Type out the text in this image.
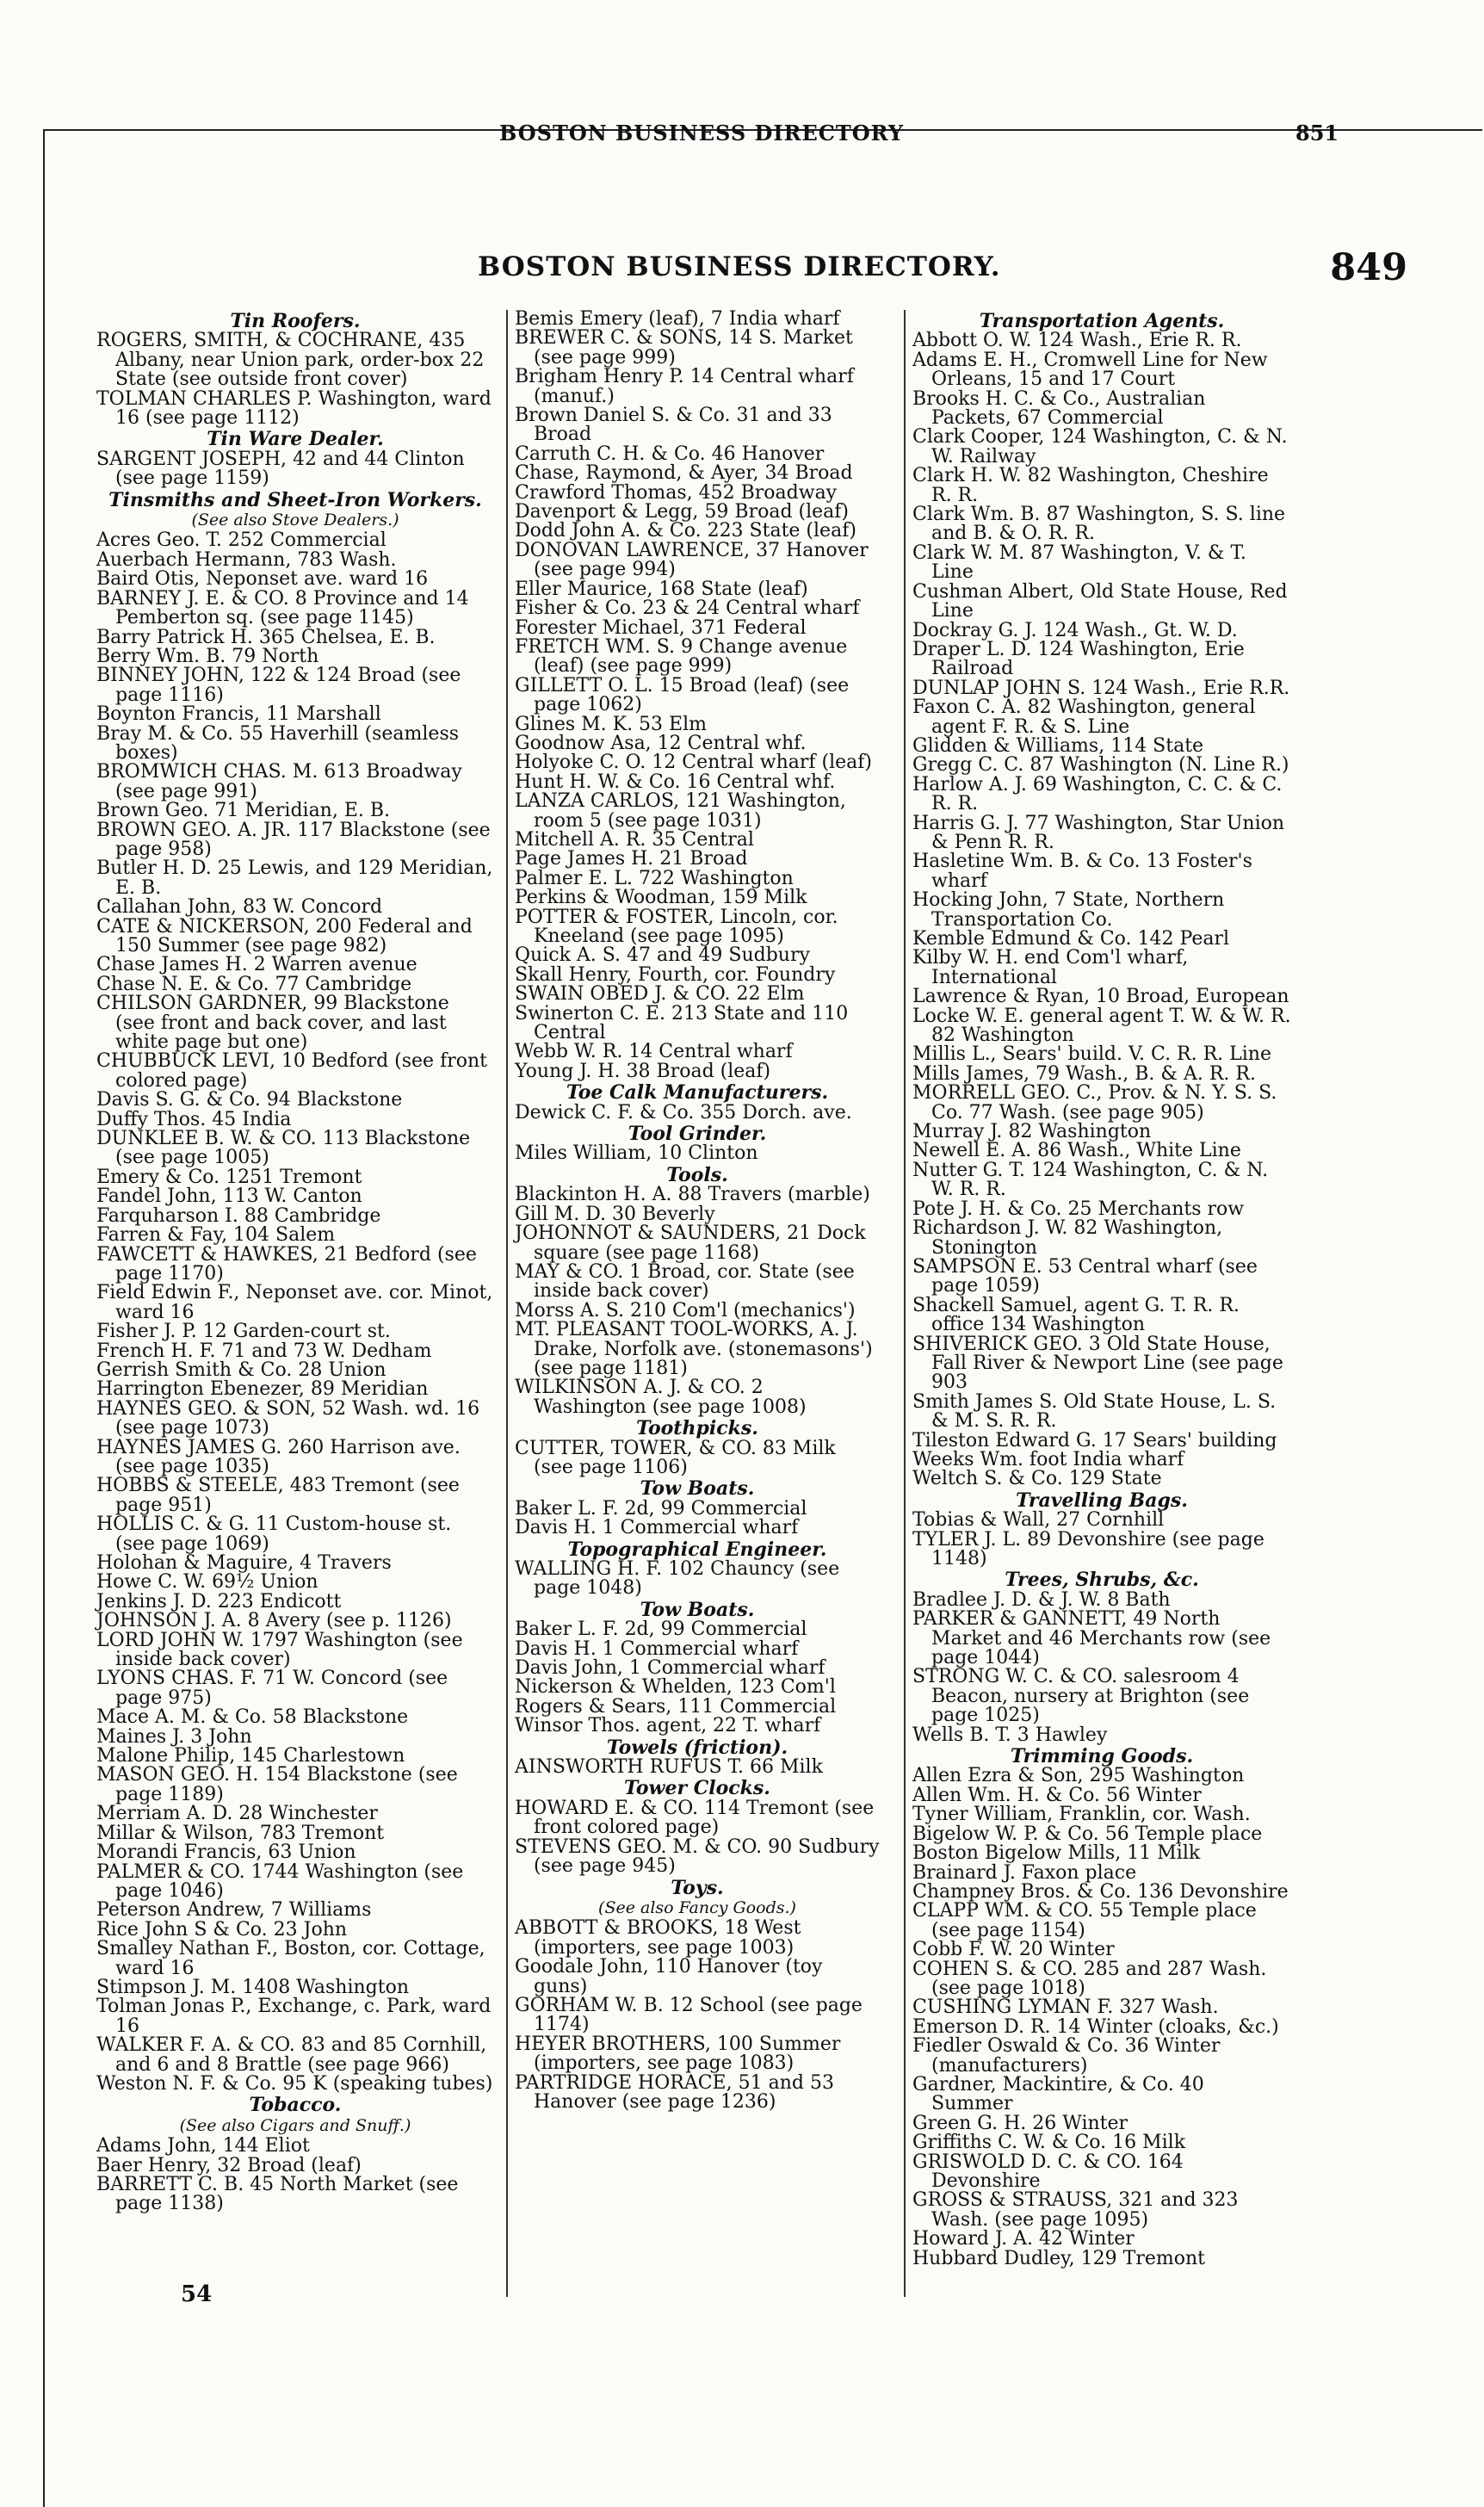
BOSTON BUSINESS DIRECTORY	851
BOSTON BUSINESS DIRECTORY.	849
Tin Roofers.
ROGERS, SMITH, & COCHRANE, 435 Albany, near Union park, order-box 22 State (see outside front cover)
TOLMAN CHARLES P. Washington, ward 16 (see page 1112)
Tin Ware Dealer.
SARGENT JOSEPH, 42 and 44 Clinton (see page 1159)
Tinsmiths and Sheet-Iron Workers.
(See also Stove Dealers.)
Acres Geo. T. 252 Commercial
Auerbach Hermann, 783 Wash.
Baird Otis, Neponset ave. ward 16
BARNEY J. E. & CO. 8 Province and 14 Pemberton sq. (see page 1145)
Barry Patrick H. 365 Chelsea, E. B.
Berry Wm. B. 79 North
BINNEY JOHN, 122 & 124 Broad (see page 1116)
Boynton Francis, 11 Marshall
Bray M. & Co. 55 Haverhill (seamless boxes)
BROMWICH CHAS. M. 613 Broadway (see page 991)
Brown Geo. 71 Meridian, E. B.
BROWN GEO. A. JR. 117 Blackstone (see page 958)
Butler H. D. 25 Lewis, and 129 Meridian, E. B.
Callahan John, 83 W. Concord
CATE & NICKERSON, 200 Federal and 150 Summer (see page 982)
Chase James H. 2 Warren avenue
Chase N. E. & Co. 77 Cambridge
CHILSON GARDNER, 99 Blackstone (see front and back cover, and last white page but one)
CHUBBUCK LEVI, 10 Bedford (see front colored page)
Davis S. G. & Co. 94 Blackstone
Duffy Thos. 45 India
DUNKLEE B. W. & CO. 113 Blackstone (see page 1005)
Emery & Co. 1251 Tremont
Fandel John, 113 W. Canton
Farquharson I. 88 Cambridge
Farren & Fay, 104 Salem
FAWCETT & HAWKES, 21 Bedford (see page 1170)
Field Edwin F., Neponset ave. cor. Minot, ward 16
Fisher J. P. 12 Garden-court st.
French H. F. 71 and 73 W. Dedham
Gerrish Smith & Co. 28 Union
Harrington Ebenezer, 89 Meridian
HAYNES GEO. & SON, 52 Wash. wd. 16 (see page 1073)
HAYNES JAMES G. 260 Harrison ave. (see page 1035)
HOBBS & STEELE, 483 Tremont (see page 951)
HOLLIS C. & G. 11 Custom-house st. (see page 1069)
Holohan & Maguire, 4 Travers
Howe C. W. 69½ Union
Jenkins J. D. 223 Endicott
JOHNSON J. A. 8 Avery (see p. 1126)
LORD JOHN W. 1797 Washington (see inside back cover)
LYONS CHAS. F. 71 W. Concord (see page 975)
Mace A. M. & Co. 58 Blackstone
Maines J. 3 John
Malone Philip, 145 Charlestown
MASON GEO. H. 154 Blackstone (see page 1189)
Merriam A. D. 28 Winchester
Millar & Wilson, 783 Tremont
Morandi Francis, 63 Union
PALMER & CO. 1744 Washington (see page 1046)
Peterson Andrew, 7 Williams
Rice John S & Co. 23 John
Smalley Nathan F., Boston, cor. Cottage, ward 16
Stimpson J. M. 1408 Washington
Tolman Jonas P., Exchange, c. Park, ward 16
WALKER F. A. & CO. 83 and 85 Cornhill, and 6 and 8 Brattle (see page 966)
Weston N. F. & Co. 95 K (speaking tubes)
Tobacco.
(See also Cigars and Snuff.)
Adams John, 144 Eliot
Baer Henry, 32 Broad (leaf)
BARRETT C. B. 45 North Market (see page 1138)
Bemis Emery (leaf), 7 India wharf
BREWER C. & SONS, 14 S. Market (see page 999)
Brigham Henry P. 14 Central wharf (manuf.)
Brown Daniel S. & Co. 31 and 33 Broad
Carruth C. H. & Co. 46 Hanover
Chase, Raymond, & Ayer, 34 Broad
Crawford Thomas, 452 Broadway
Davenport & Legg, 59 Broad (leaf)
Dodd John A. & Co. 223 State (leaf)
DONOVAN LAWRENCE, 37 Hanover (see page 994)
Eller Maurice, 168 State (leaf)
Fisher & Co. 23 & 24 Central wharf
Forester Michael, 371 Federal
FRETCH WM. S. 9 Change avenue (leaf) (see page 999)
GILLETT O. L. 15 Broad (leaf) (see page 1062)
Glines M. K. 53 Elm
Goodnow Asa, 12 Central whf.
Holyoke C. O. 12 Central wharf (leaf)
Hunt H. W. & Co. 16 Central whf.
LANZA CARLOS, 121 Washington, room 5 (see page 1031)
Mitchell A. R. 35 Central
Page James H. 21 Broad
Palmer E. L. 722 Washington
Perkins & Woodman, 159 Milk
POTTER & FOSTER, Lincoln, cor. Kneeland (see page 1095)
Quick A. S. 47 and 49 Sudbury
Skall Henry, Fourth, cor. Foundry
SWAIN OBED J. & CO. 22 Elm
Swinerton C. E. 213 State and 110 Central
Webb W. R. 14 Central wharf
Young J. H. 38 Broad (leaf)
Toe Calk Manufacturers.
Dewick C. F. & Co. 355 Dorch. ave.
Tool Grinder.
Miles William, 10 Clinton
Tools.
Blackinton H. A. 88 Travers (marble)
Gill M. D. 30 Beverly
JOHONNOT & SAUNDERS, 21 Dock square (see page 1168)
MAY & CO. 1 Broad, cor. State (see inside back cover)
Morss A. S. 210 Com'l (mechanics')
MT. PLEASANT TOOL-WORKS, A. J. Drake, Norfolk ave. (stonemasons') (see page 1181)
WILKINSON A. J. & CO. 2 Washington (see page 1008)
Toothpicks.
CUTTER, TOWER, & CO. 83 Milk (see page 1106)
Tow Boats.
Baker L. F. 2d, 99 Commercial
Davis H. 1 Commercial wharf
Topographical Engineer.
WALLING H. F. 102 Chauncy (see page 1048)
Tow Boats.
Baker L. F. 2d, 99 Commercial
Davis H. 1 Commercial wharf
Davis John, 1 Commercial wharf
Nickerson & Whelden, 123 Com'l
Rogers & Sears, 111 Commercial
Winsor Thos. agent, 22 T. wharf
Towels (friction).
AINSWORTH RUFUS T. 66 Milk
Tower Clocks.
HOWARD E. & CO. 114 Tremont (see front colored page)
STEVENS GEO. M. & CO. 90 Sudbury (see page 945)
Toys.
(See also Fancy Goods.)
ABBOTT & BROOKS, 18 West (importers, see page 1003)
Goodale John, 110 Hanover (toy guns)
GORHAM W. B. 12 School (see page 1174)
HEYER BROTHERS, 100 Summer (importers, see page 1083)
PARTRIDGE HORACE, 51 and 53 Hanover (see page 1236)
Transportation Agents.
Abbott O. W. 124 Wash., Erie R. R.
Adams E. H., Cromwell Line for New Orleans, 15 and 17 Court
Brooks H. C. & Co., Australian Packets, 67 Commercial
Clark Cooper, 124 Washington, C. & N. W. Railway
Clark H. W. 82 Washington, Cheshire R. R.
Clark Wm. B. 87 Washington, S. S. line and B. & O. R. R.
Clark W. M. 87 Washington, V. & T. Line
Cushman Albert, Old State House, Red Line
Dockray G. J. 124 Wash., Gt. W. D.
Draper L. D. 124 Washington, Erie Railroad
DUNLAP JOHN S. 124 Wash., Erie R.R.
Faxon C. A. 82 Washington, general agent F. R. & S. Line
Glidden & Williams, 114 State
Gregg C. C. 87 Washington (N. Line R.)
Harlow A. J. 69 Washington, C. C. & C. R. R.
Harris G. J. 77 Washington, Star Union & Penn R. R.
Hasletine Wm. B. & Co. 13 Foster's wharf
Hocking John, 7 State, Northern Transportation Co.
Kemble Edmund & Co. 142 Pearl
Kilby W. H. end Com'l wharf, International
Lawrence & Ryan, 10 Broad, European
Locke W. E. general agent T. W. & W. R. 82 Washington
Millis L., Sears' build. V. C. R. R. Line
Mills James, 79 Wash., B. & A. R. R.
MORRELL GEO. C., Prov. & N. Y. S. S. Co. 77 Wash. (see page 905)
Murray J. 82 Washington
Newell E. A. 86 Wash., White Line
Nutter G. T. 124 Washington, C. & N. W. R. R.
Pote J. H. & Co. 25 Merchants row
Richardson J. W. 82 Washington, Stonington
SAMPSON E. 53 Central wharf (see page 1059)
Shackell Samuel, agent G. T. R. R. office 134 Washington
SHIVERICK GEO. 3 Old State House, Fall River & Newport Line (see page 903
Smith James S. Old State House, L. S. & M. S. R. R.
Tileston Edward G. 17 Sears' building
Weeks Wm. foot India wharf
Weltch S. & Co. 129 State
Travelling Bags.
Tobias & Wall, 27 Cornhill
TYLER J. L. 89 Devonshire (see page 1148)
Trees, Shrubs, &c.
Bradlee J. D. & J. W. 8 Bath
PARKER & GANNETT, 49 North Market and 46 Merchants row (see page 1044)
STRONG W. C. & CO. salesroom 4 Beacon, nursery at Brighton (see page 1025)
Wells B. T. 3 Hawley
Trimming Goods.
Allen Ezra & Son, 295 Washington
Allen Wm. H. & Co. 56 Winter
Tyner William, Franklin, cor. Wash.
Bigelow W. P. & Co. 56 Temple place
Boston Bigelow Mills, 11 Milk
Brainard J. Faxon place
Champney Bros. & Co. 136 Devonshire
CLAPP WM. & CO. 55 Temple place (see page 1154)
Cobb F. W. 20 Winter
COHEN S. & CO. 285 and 287 Wash. (see page 1018)
CUSHING LYMAN F. 327 Wash.
Emerson D. R. 14 Winter (cloaks, &c.)
Fiedler Oswald & Co. 36 Winter (manufacturers)
Gardner, Mackintire, & Co. 40 Summer
Green G. H. 26 Winter
Griffiths C. W. & Co. 16 Milk
GRISWOLD D. C. & CO. 164 Devonshire
GROSS & STRAUSS, 321 and 323 Wash. (see page 1095)
Howard J. A. 42 Winter
Hubbard Dudley, 129 Tremont
54
